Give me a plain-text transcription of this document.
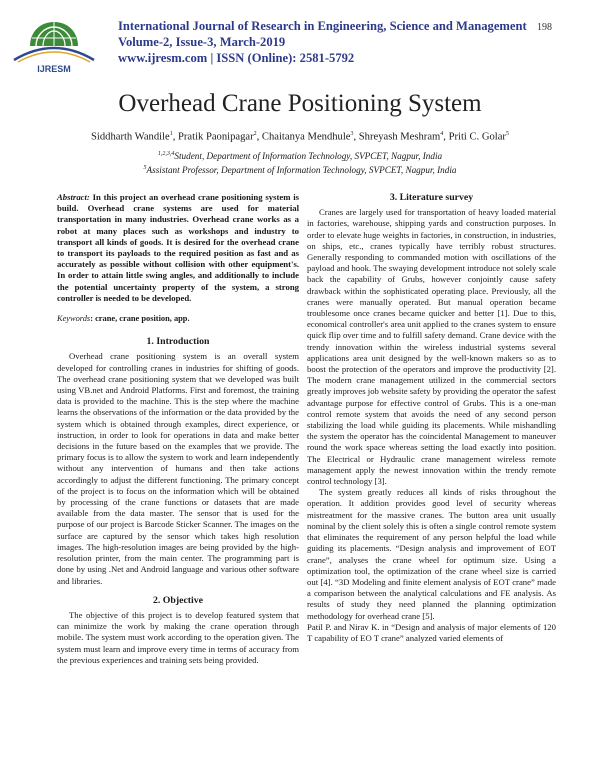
IJRESM
International Journal of Research in Engineering, Science and Management
Volume-2, Issue-3, March-2019
www.ijresm.com | ISSN (Online): 2581-5792
198
Overhead Crane Positioning System
Siddharth Wandile$^1$, Pratik Paonipagar$^2$, Chaitanya Mendhule$^3$, Shreyash Meshram$^4$, Priti C. Golar$^5$
$^{1,2,3,4}$Student, Department of Information Technology, SVPCET, Nagpur, India
$^5$Assistant Professor, Department of Information Technology, SVPCET, Nagpur, India
Abstract: In this project an overhead crane positioning system is build. Overhead crane systems are used for material transportation in many industries. Overhead crane works as a robot at many places such as workshops and industry to transport all kinds of goods. It is desired for the overhead crane to transport its payloads to the required position as fast and as accurately as possible without collision with other equipment's. In order to attain little swing angles, and additionally to include the potential uncertainty property of the system, a strong controller is needed to be developed.
Keywords: crane, crane position, app.
1. Introduction

Overhead crane positioning system is an overall system developed for controlling cranes in industries for shifting of goods. The overhead crane positioning system that we developed was built using VB.net and Android Platforms. First and foremost, the training data is provided to the machine. This is the step where the machine learns the observations of the information or the data provided by the system which is obtained through examples, direct experience, or instruction, in order to look for operations in data and make better decisions in the future based on the examples that we provide. The primary focus is to allow the system to work and learn independently without any intervention of humans and then take actions accordingly to adjust the different functioning. The primary concept of the project is to focus on the information which will be obtained by processing of the crane functions or datasets that are made available from the data master. The sensor that is used for the purpose of our project is Barcode Sticker Scanner. The images on the surface are captured by the sensor which takes high resolution images. The high-resolution images are being provided by the high-resolution printer, from the main center. The programming part is done by using .Net and Android language and various other software and libraries.

2. Objective

The objective of this project is to develop featured system that can minimize the work by making the crane operation through mobile. The system must work according to the operation given. The system must learn and improve every time in terms of accuracy from the previous experiences and training sets being provided.

3. Literature survey

Cranes are largely used for transportation of heavy loaded material in factories, warehouse, shipping yards and construction purposes. In order to elevate huge weights in factories, in construction, in industries, on ships, etc., cranes typically have terribly robust structures. Generally responding to commanded motion with oscillations of the payload and hook. The swaying development introduce not solely scale back the capability of Grubs, however conjointly cause safety drawback within the sophisticated operating place. Previously, all the cranes were manually operated. But manual operation became troublesome once cranes became quicker and better [1]. Due to this, economical controller's area unit applied to the cranes system to ensure quick flip over time and to fulfill safety demand. Crane device with the trendy innovation within the wireless industrial systems several applications area unit designed by the well-known makers so as to boost the protection of the operators and improve the productivity [2]. The modern crane management utilized in the commercial sectors greatly improves job website safety by providing the operator the safest advantage purpose for effective control of Grubs. This is a one-man control remote system that avoids the need of any second person stabilizing the load while guiding its placements. While mishandling the system the operator has the coincidental Management to maneuver round the work space whereas setting the load exactly into position. The Electrical or Hydraulic crane management wireless remote management apply the newest innovation within the trendy remote control technology [3].

The system greatly reduces all kinds of risks throughout the operation. It addition provides good level of security whereas mistreatment for the massive cranes. The button area unit usually nominal by the client solely this is often a single control remote system that eliminates the requirement of any person helpful the load while guiding its placements. “Design analysis and improvement of EOT crane”, analyses the crane wheel for optimum size. Using a optimization tool, the optimization of the crane wheel size is carried out [4]. “3D Modeling and finite element analysis of EOT crane” made a comparison between the analytical calculations and FE analysis. As results of study they need planned the planning optimization methodology for overhead crane [5].

Patil P. and Nirav K. in “Design and analysis of major elements of 120 T capability of EO T crane” analyzed varied elements of
